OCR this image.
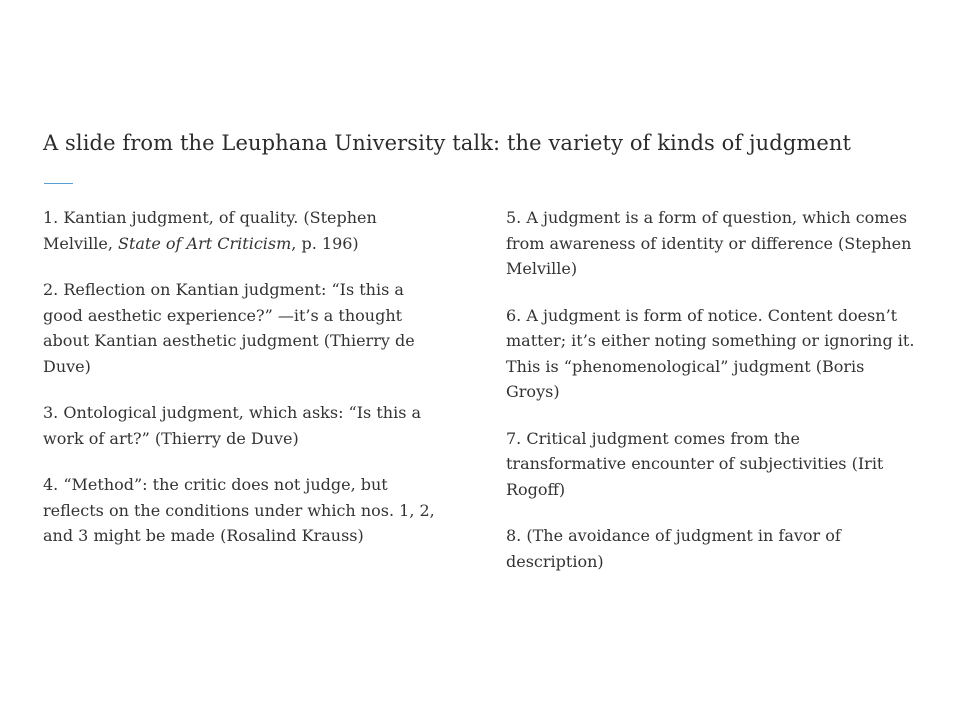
A slide from the Leuphana University talk: the variety of kinds of judgment

1. Kantian judgment, of quality. (Stephen Melville, State of Art Criticism, p. 196)

2. Reflection on Kantian judgment: “Is this a good aesthetic experience?” —it’s a thought about Kantian aesthetic judgment (Thierry de Duve)

3. Ontological judgment, which asks: “Is this a work of art?” (Thierry de Duve)

4. “Method”: the critic does not judge, but reflects on the conditions under which nos. 1, 2, and 3 might be made (Rosalind Krauss)

5. A judgment is a form of question, which comes from awareness of identity or difference (Stephen Melville)

6. A judgment is form of notice. Content doesn’t matter; it’s either noting something or ignoring it. This is “phenomenological” judgment (Boris Groys)

7. Critical judgment comes from the transformative encounter of subjectivities (Irit Rogoff)

8. (The avoidance of judgment in favor of description)
